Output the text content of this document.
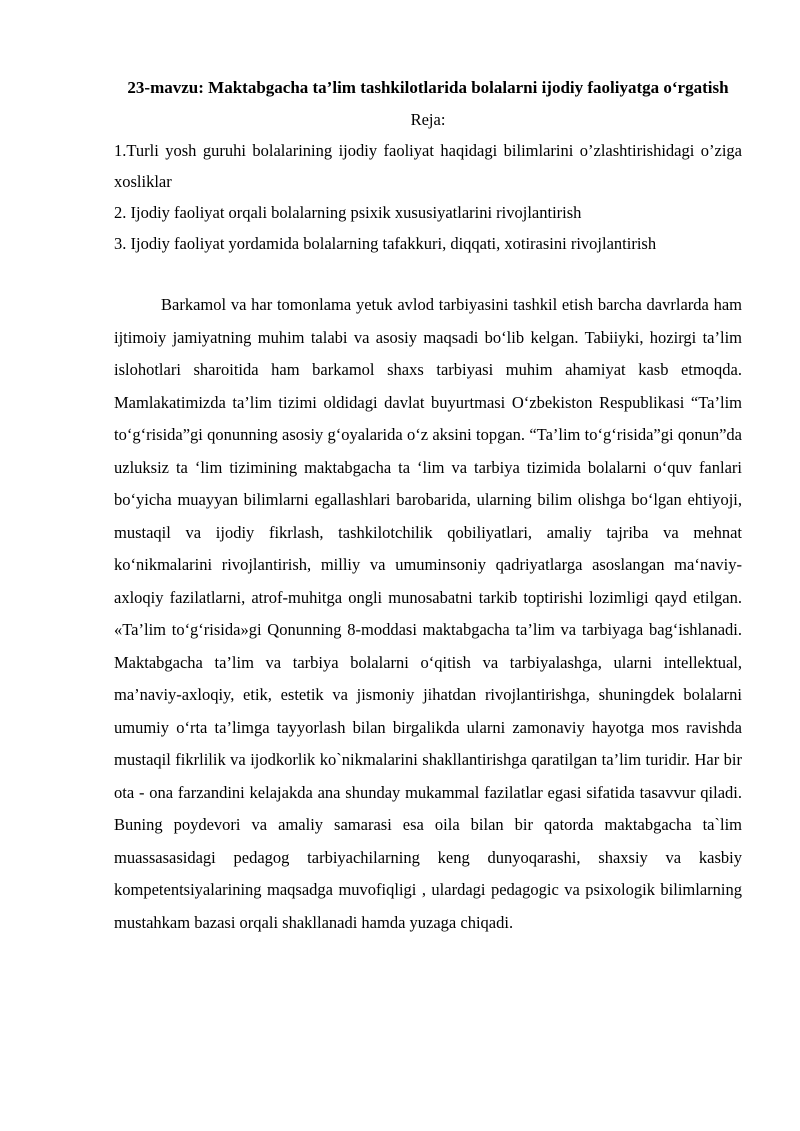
23-mavzu: Maktabgacha ta’lim tashkilotlarida bolalarni ijodiy faoliyatga o‘rgatish

Reja:

1.Turli yosh guruhi bolalarining ijodiy faoliyat haqidagi bilimlarini o’zlashtirishidagi o’ziga xosliklar

2. Ijodiy faoliyat orqali bolalarning psixik xususiyatlarini rivojlantirish

3. Ijodiy faoliyat yordamida bolalarning tafakkuri, diqqati, xotirasini rivojlantirish

Barkamol va har tomonlama yetuk avlod tarbiyasini tashkil etish barcha davrlarda ham ijtimoiy jamiyatning muhim talabi va asosiy maqsadi bo‘lib kelgan. Tabiiyki, hozirgi ta’lim islohotlari sharoitida ham barkamol shaxs tarbiyasi muhim ahamiyat kasb etmoqda. Mamlakatimizda ta’lim tizimi oldidagi davlat buyurtmasi O‘zbekiston Respublikasi “Ta’lim to‘g‘risida”gi qonunning asosiy g‘oyalarida o‘z aksini topgan. “Ta’lim to‘g‘risida”gi qonun”da uzluksiz ta ‘lim tizimining maktabgacha ta ‘lim va tarbiya tizimida bolalarni o‘quv fanlari bo‘yicha muayyan bilimlarni egallashlari barobarida, ularning bilim olishga bo‘lgan ehtiyoji, mustaqil va ijodiy fikrlash, tashkilotchilik qobiliyatlari, amaliy tajriba va mehnat ko‘nikmalarini rivojlantirish, milliy va umuminsoniy qadriyatlarga asoslangan ma‘naviy-axloqiy fazilatlarni, atrof-muhitga ongli munosabatni tarkib toptirishi lozimligi qayd etilgan. «Ta’lim to‘g‘risida»gi Qonunning 8-moddasi maktabgacha ta’lim va tarbiyaga bag‘ishlanadi. Maktabgacha ta’lim va tarbiya bolalarni o‘qitish va tarbiyalashga, ularni intellektual, ma’naviy-axloqiy, etik, estetik va jismoniy jihatdan rivojlantirishga, shuningdek bolalarni umumiy o‘rta ta’limga tayyorlash bilan birgalikda ularni zamonaviy hayotga mos ravishda mustaqil fikrlilik va ijodkorlik ko`nikmalarini shakllantirishga qaratilgan ta’lim turidir. Har bir ota - ona farzandini kelajakda ana shunday mukammal fazilatlar egasi sifatida tasavvur qiladi. Buning poydevori va amaliy samarasi esa oila bilan bir qatorda maktabgacha ta`lim muassasasidagi pedagog tarbiyachilarning keng dunyoqarashi, shaxsiy va kasbiy kompetentsiyalarining maqsadga muvofiqligi , ulardagi pedagogic va psixologik bilimlarning mustahkam bazasi orqali shakllanadi hamda yuzaga chiqadi.
